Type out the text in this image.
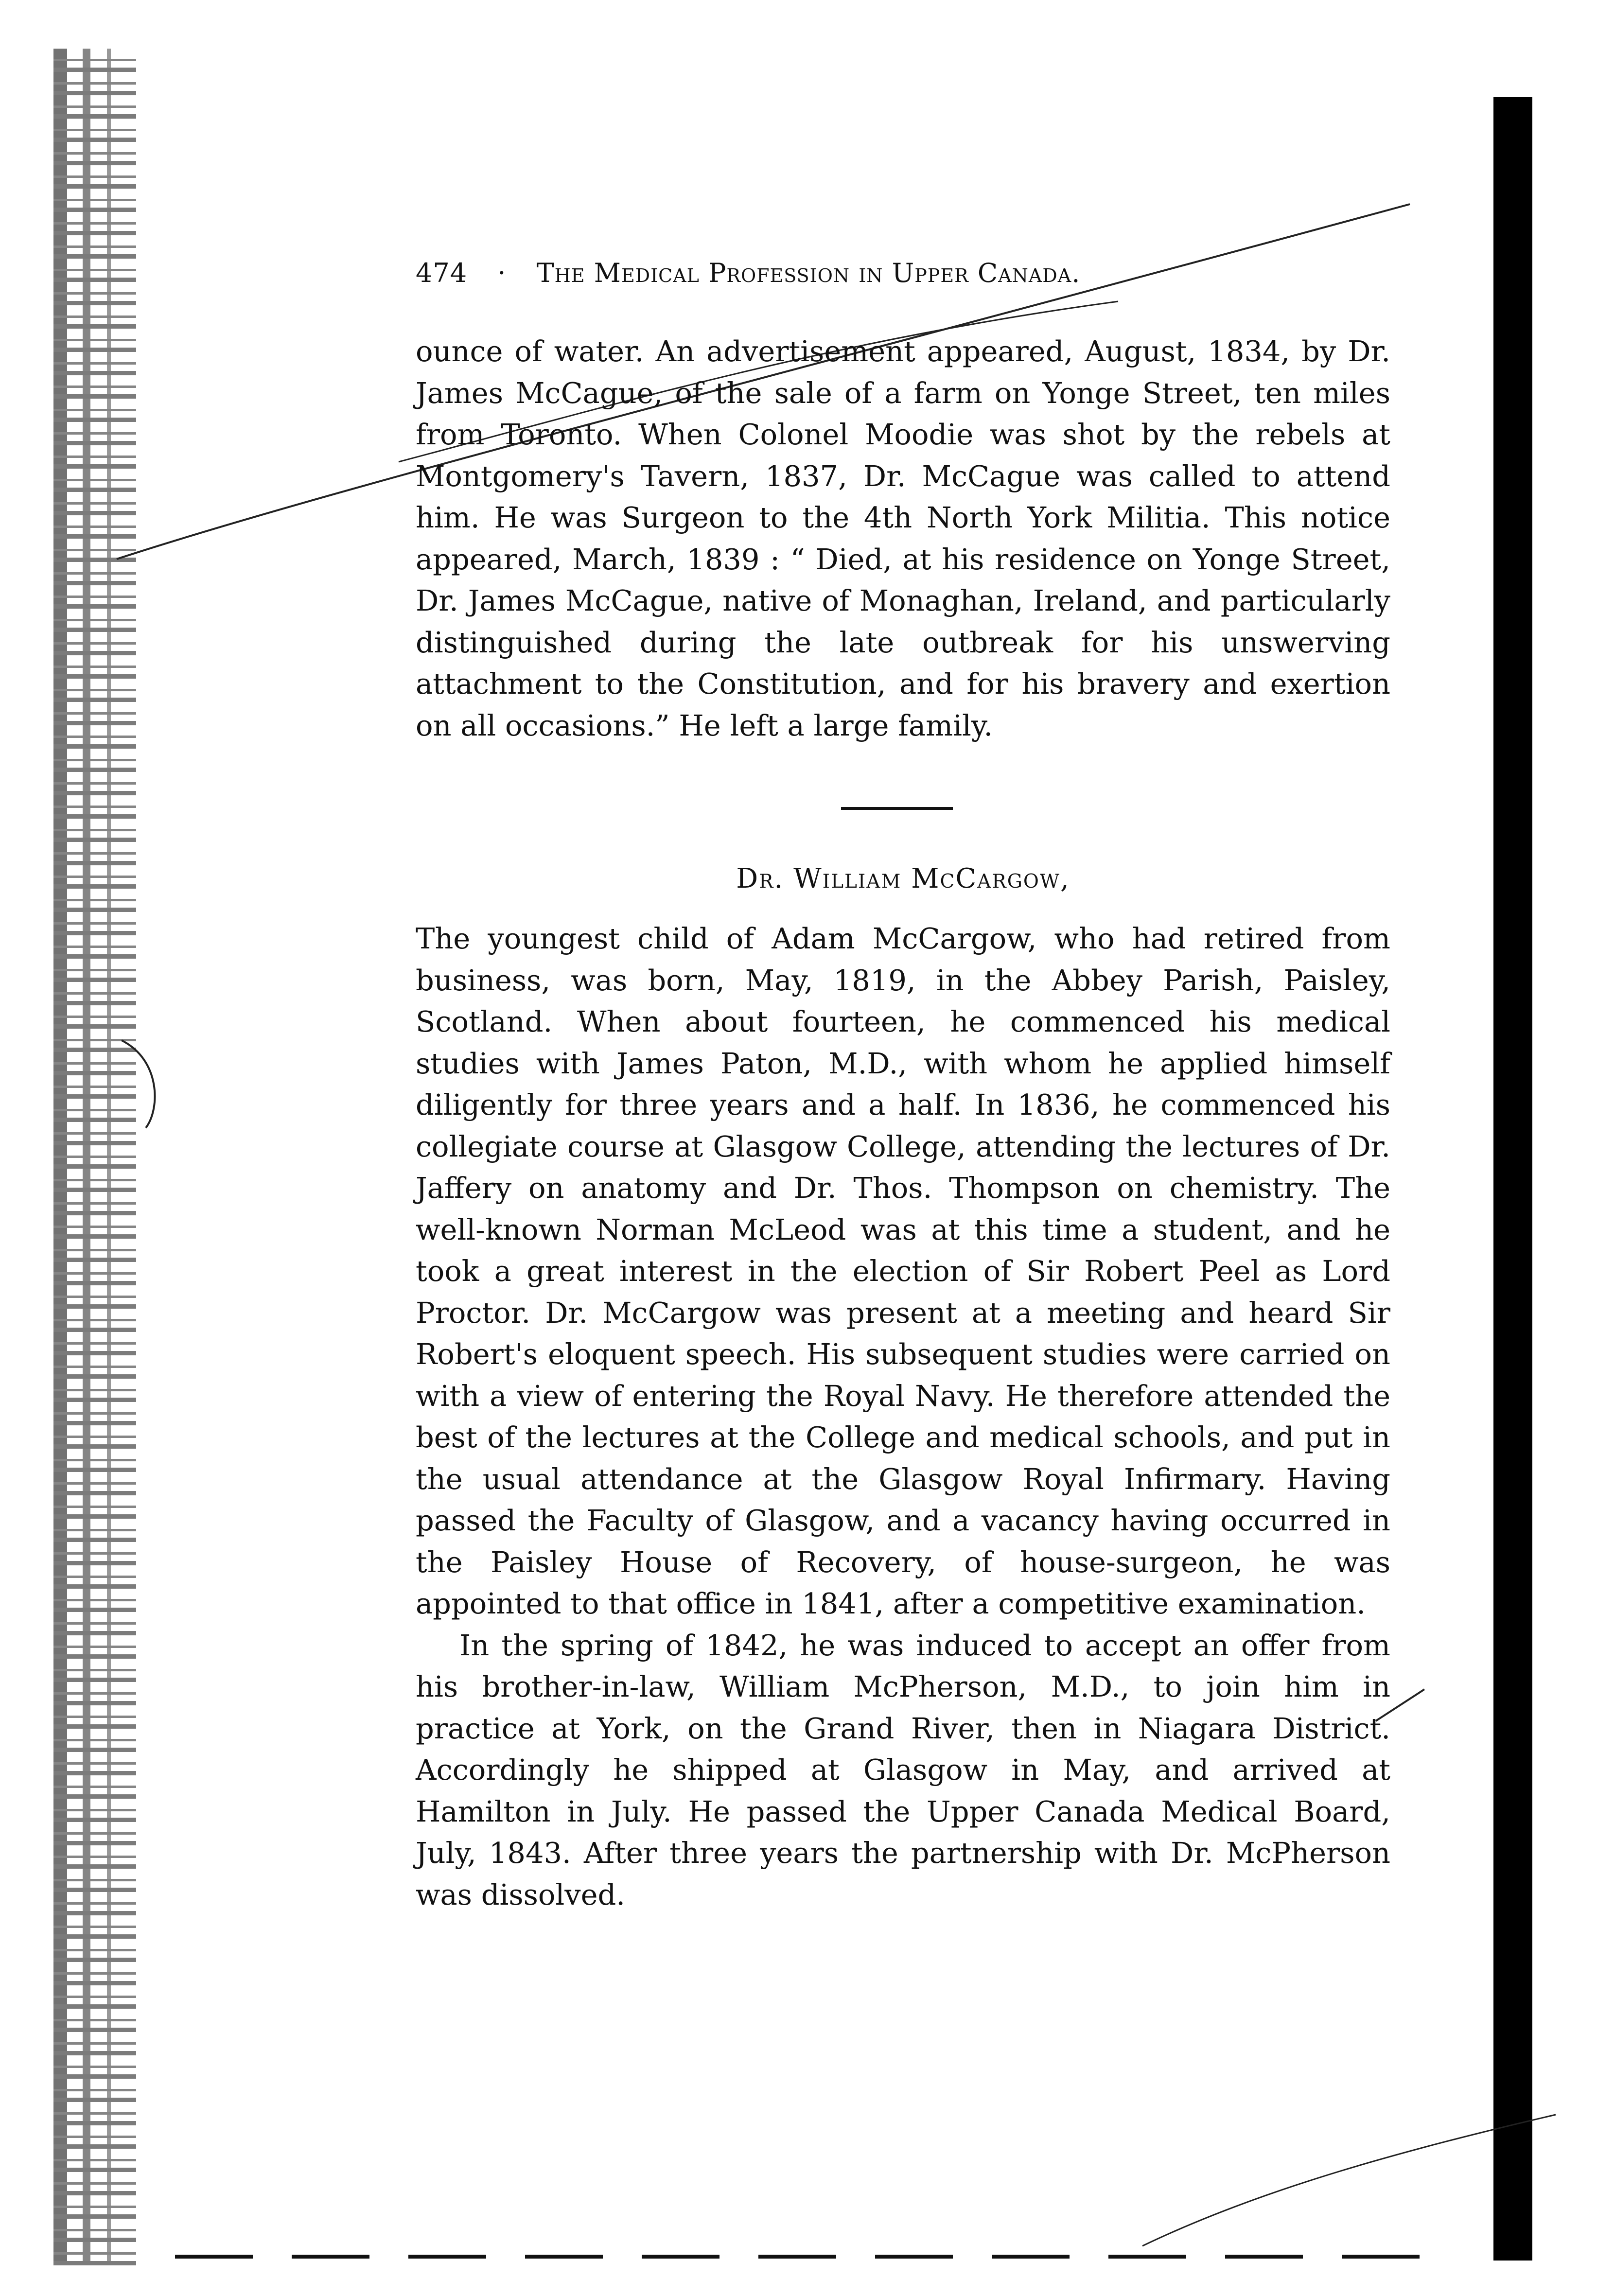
474 · The Medical Profession in Upper Canada.

ounce of water. An advertisement appeared, August, 1834, by Dr. James McCague, of the sale of a farm on Yonge Street, ten miles from Toronto. When Colonel Moodie was shot by the rebels at Montgomery's Tavern, 1837, Dr. McCague was called to attend him. He was Surgeon to the 4th North York Militia. This notice appeared, March, 1839 : “ Died, at his residence on Yonge Street, Dr. James McCague, native of Monaghan, Ireland, and particularly distinguished during the late outbreak for his unswerving attachment to the Constitution, and for his bravery and exertion on all occasions.” He left a large family.

Dr. William McCargow,

The youngest child of Adam McCargow, who had retired from business, was born, May, 1819, in the Abbey Parish, Paisley, Scotland. When about fourteen, he commenced his medical studies with James Paton, M.D., with whom he applied himself diligently for three years and a half. In 1836, he commenced his collegiate course at Glasgow College, attending the lectures of Dr. Jaffery on anatomy and Dr. Thos. Thompson on chemistry. The well-known Norman McLeod was at this time a student, and he took a great interest in the election of Sir Robert Peel as Lord Proctor. Dr. McCargow was present at a meeting and heard Sir Robert's eloquent speech. His subsequent studies were carried on with a view of entering the Royal Navy. He therefore attended the best of the lectures at the College and medical schools, and put in the usual attendance at the Glasgow Royal Infirmary. Having passed the Faculty of Glasgow, and a vacancy having occurred in the Paisley House of Recovery, of house-surgeon, he was appointed to that office in 1841, after a competitive examination.

In the spring of 1842, he was induced to accept an offer from his brother-in-law, William McPherson, M.D., to join him in practice at York, on the Grand River, then in Niagara District. Accordingly he shipped at Glasgow in May, and arrived at Hamilton in July. He passed the Upper Canada Medical Board, July, 1843. After three years the partnership with Dr. McPherson was dissolved.
